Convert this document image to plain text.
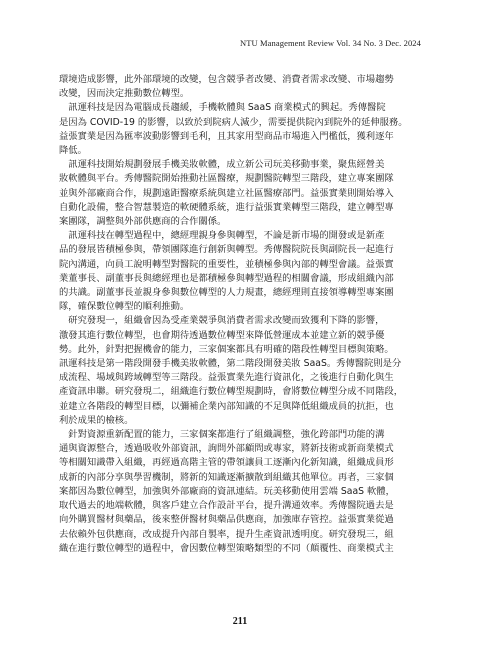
NTU Management Review Vol. 34 No. 3 Dec. 2024
環境造成影響，此外部環境的改變，包含競爭者改變、消費者需求改變、市場趨勢
改變，因而決定推動數位轉型。
　訊運科技是因為電腦成長趨緩，手機軟體與 SaaS 商業模式的興起。秀傳醫院
是因為 COVID-19 的影響，以致於到院病人減少，需要提供院內到院外的延伸服務。
益張實業是因為匯率波動影響到毛利，且其家用型商品市場進入門檻低，獲利逐年
降低。
　訊運科技開始規劃發展手機美妝軟體，成立新公司玩美移動事業，聚焦經營美
妝軟體與平台。秀傳醫院開始推動社區醫療，規劃醫院轉型三階段，建立專案團隊
並與外部廠商合作，規劃遠距醫療系統與建立社區醫療部門。益張實業則開始導入
自動化設備，整合智慧製造的軟硬體系統，進行益張實業轉型三階段，建立轉型專
案團隊，調整與外部供應商的合作關係。
　訊運科技在轉型過程中，總經理親身參與轉型，不論是新市場的開發或是新產
品的發展皆積極參與，帶領團隊進行創新與轉型。秀傳醫院院長與副院長一起進行
院內溝通，向員工說明轉型對醫院的重要性，並積極參與內部的轉型會議。益張實
業董事長、副董事長與總經理也是都積極參與轉型過程的相關會議，形成組織內部
的共識。副董事長並親身參與數位轉型的人力規畫，總經理則直接領導轉型專案團
隊，確保數位轉型的順利推動。
　研究發現一，組織會因為受產業競爭與消費者需求改變而致獲利下降的影響，
激發其進行數位轉型，也會期待透過數位轉型來降低營運成本並建立新的競爭優
勢。此外，針對把握機會的能力，三家個案都具有明確的階段性轉型目標與策略。
訊運科技是第一階段開發手機美妝軟體，第二階段開發美妝 SaaS。秀傳醫院則是分
成流程、場域與跨域轉型等三階段。益張實業先進行資訊化，之後進行自動化與生
產資訊串聯。研究發現二，組織進行數位轉型規劃時，會將數位轉型分成不同階段，
並建立各階段的轉型目標，以彌補企業內部知識的不足與降低組織成員的抗拒，也
利於成果的檢核。
　針對資源重新配置的能力，三家個案都進行了組織調整，強化跨部門功能的溝
通與資源整合，透過吸收外部資訊，詢問外部顧問或專家，將新技術或新商業模式
等相關知識帶入組織，再經過高階主管的帶領讓員工逐漸內化新知識，組織成員形
成新的內部分享與學習機制，將新的知識逐漸擴散到組織其他單位。再者，三家個
案都因為數位轉型，加強與外部廠商的資訊連結。玩美移動使用雲端 SaaS 軟體，
取代過去的地端軟體，與客戶建立合作設計平台，提升溝通效率。秀傳醫院過去是
向外購買醫材與藥品，後來整併醫材與藥品供應商，加強庫存管控。益張實業從過
去依賴外包供應商，改成提升內部自製率，提升生產資訊透明度。研究發現三，組
織在進行數位轉型的過程中，會因數位轉型策略類型的不同（顛覆性、商業模式主
211
